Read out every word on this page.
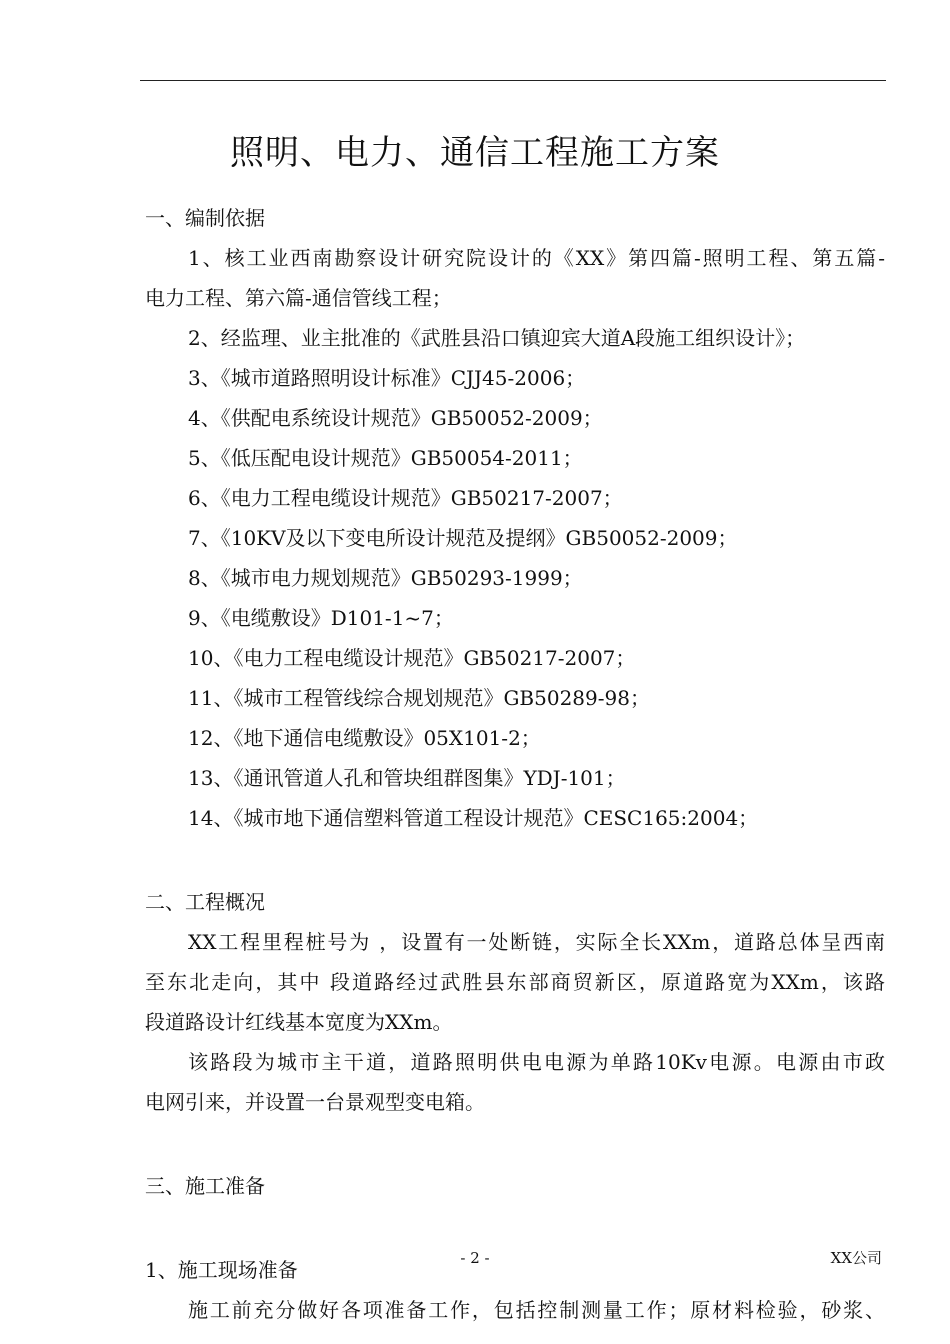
照明、电力、通信工程施工方案
一、编制依据
1、核工业西南勘察设计研究院设计的《XX》第四篇-照明工程、第五篇-
电力工程、第六篇-通信管线工程；
2、经监理、业主批准的《武胜县沿口镇迎宾大道A段施工组织设计》；
3、《城市道路照明设计标准》CJJ45-2006；
4、《供配电系统设计规范》GB50052-2009；
5、《低压配电设计规范》GB50054-2011；
6、《电力工程电缆设计规范》GB50217-2007；
7、《10KV及以下变电所设计规范及提纲》GB50052-2009；
8、《城市电力规划规范》GB50293-1999；
9、《电缆敷设》D101-1~7；
10、《电力工程电缆设计规范》GB50217-2007；
11、《城市工程管线综合规划规范》GB50289-98；
12、《地下通信电缆敷设》05X101-2；
13、《通讯管道人孔和管块组群图集》YDJ-101；
14、《城市地下通信塑料管道工程设计规范》CESC165:2004；
二、工程概况
XX工程里程桩号为 ，设置有一处断链，实际全长XXm，道路总体呈西南
至东北走向，其中 段道路经过武胜县东部商贸新区，原道路宽为XXm，该路
段道路设计红线基本宽度为XXm。
该路段为城市主干道，道路照明供电电源为单路10Kv电源。电源由市政
电网引来，并设置一台景观型变电箱。
三、施工准备
1、施工现场准备
施工前充分做好各项准备工作，包括控制测量工作；原材料检验，砂浆、
- 2 -	XX公司
